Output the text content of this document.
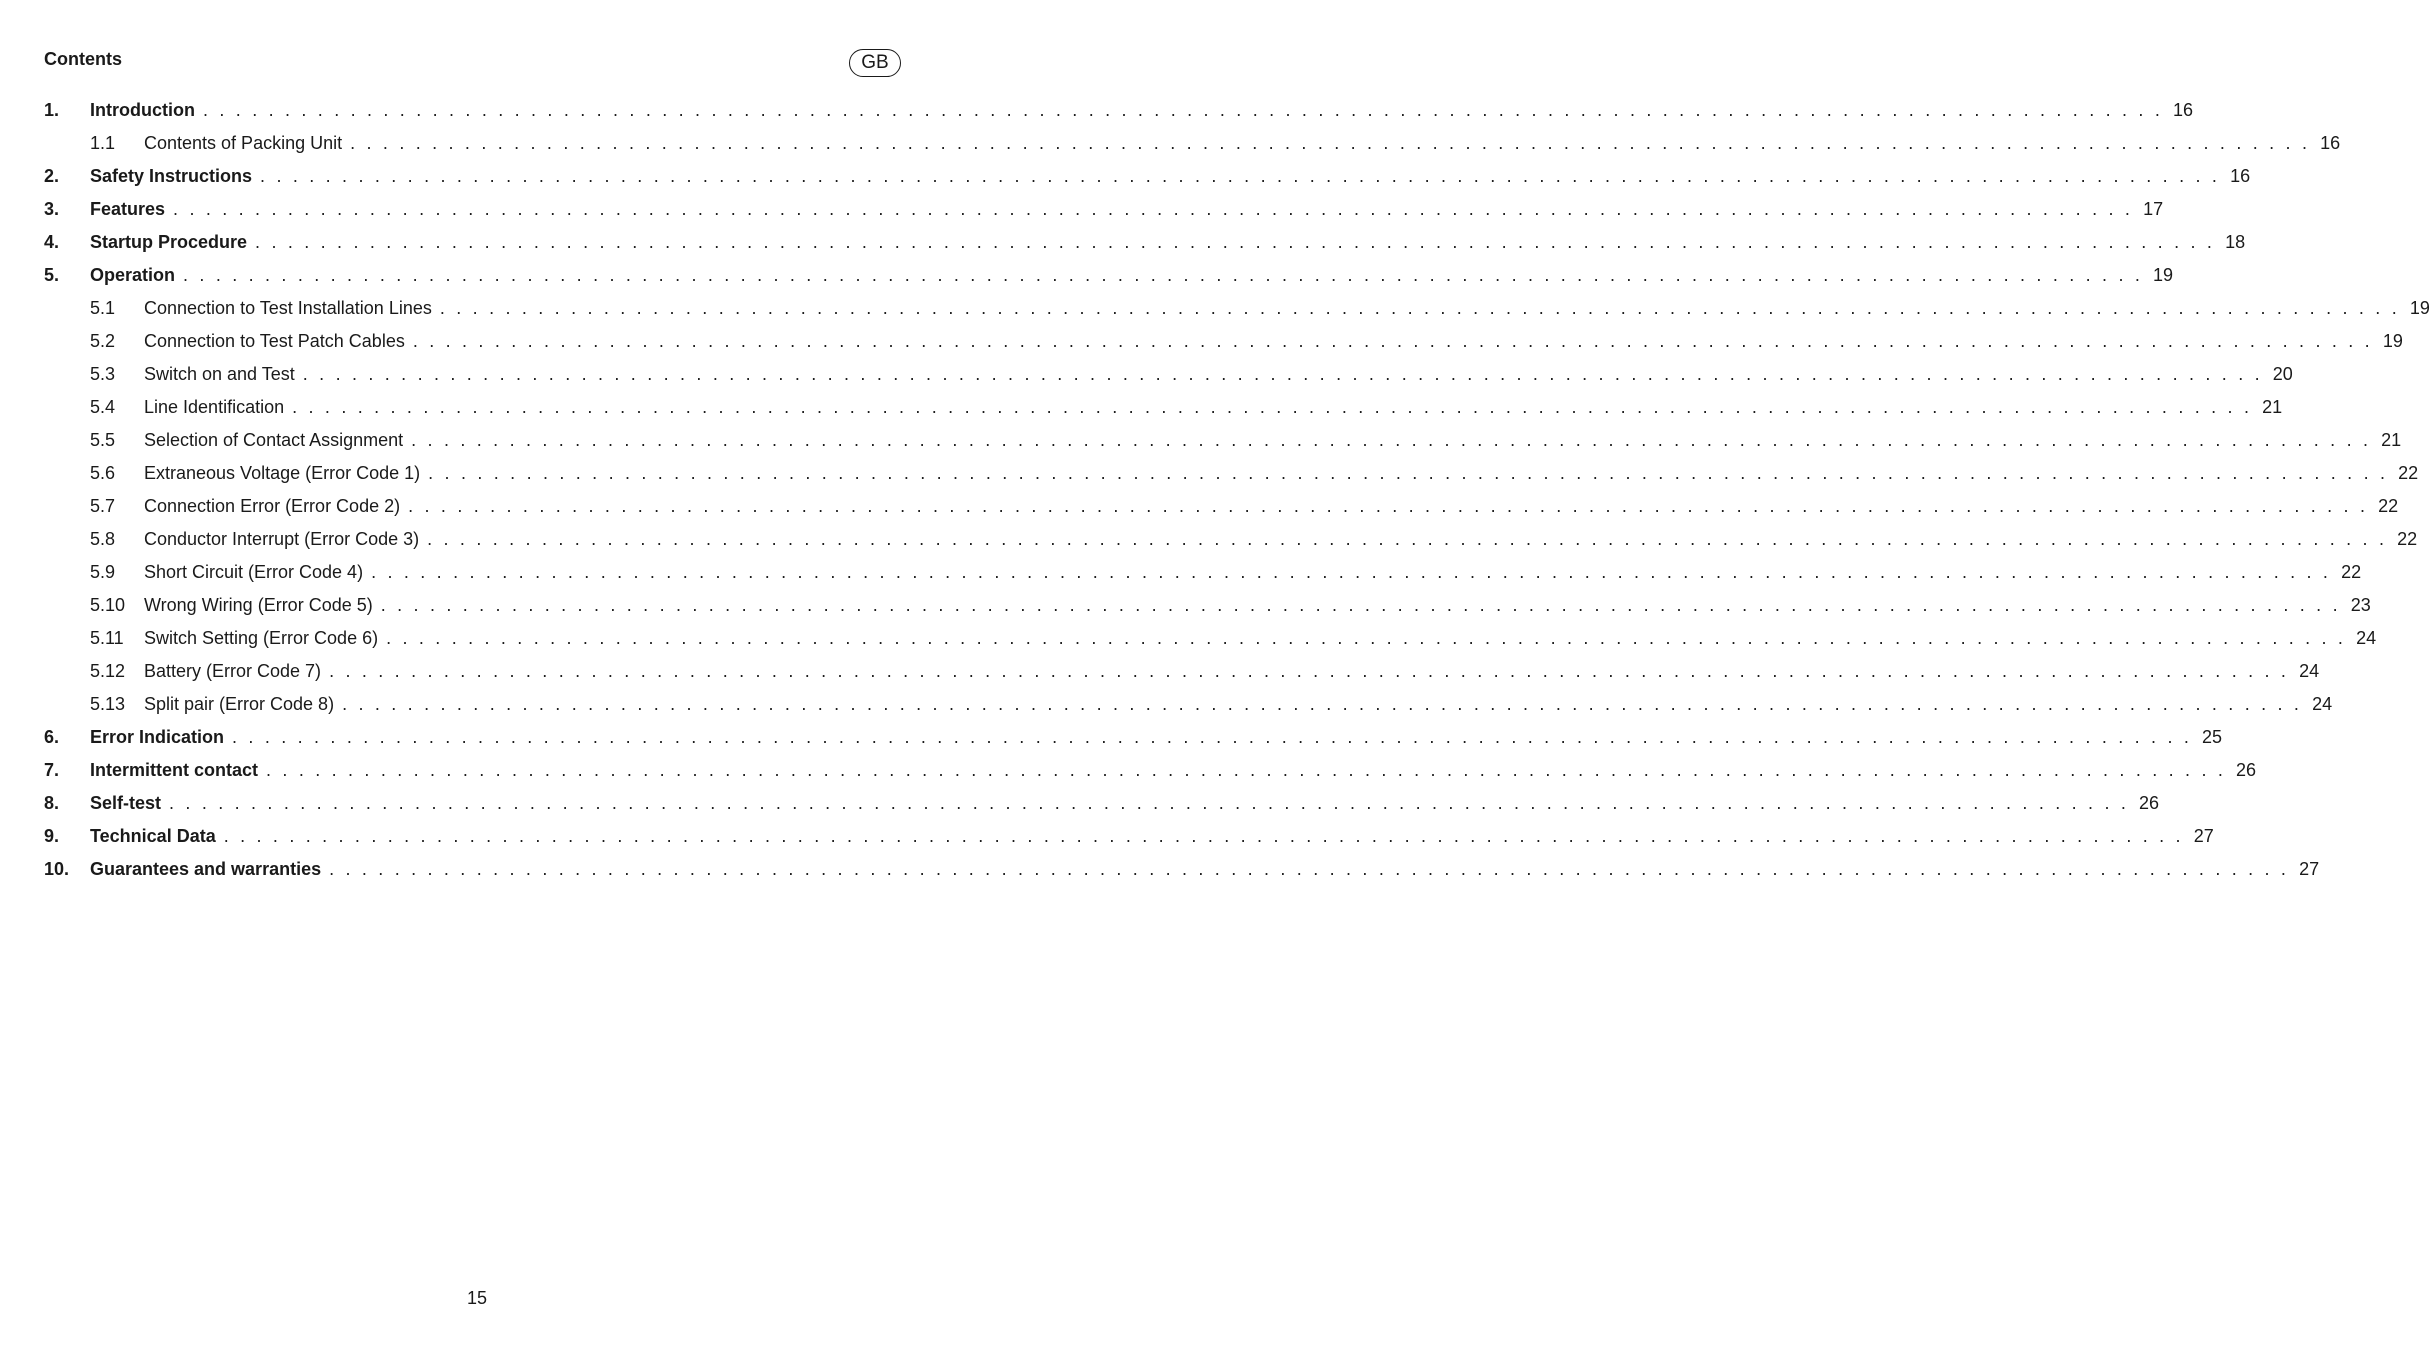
Contents	GB
1.	Introduction . . . . . . . . . . . . . . . . . . . . . . . . . . . . . . . . . . . . . . . . . . . . . . . . . . . . . . . . . . . . . . . . . . . . . . . . . . . . . . . . . . . . . . . . . . . . . . . . . . . . . . . . . . . . . . . . . . . . . . . . 16
1.1	Contents of Packing Unit . . . . . . . . . . . . . . . . . . . . . . . . . . . . . . . . . . . . . . . . . . . . . . . . . . . . . . . . . . . . . . . . . . . . . . . . . . . . . . . . . . . . . . . . . . . . . . . . . . . . . . . . . . . . . . . . . . . . . . . . 16
2.	Safety Instructions . . . . . . . . . . . . . . . . . . . . . . . . . . . . . . . . . . . . . . . . . . . . . . . . . . . . . . . . . . . . . . . . . . . . . . . . . . . . . . . . . . . . . . . . . . . . . . . . . . . . . . . . . . . . . . . . . . . . . . . . 16
3.	Features . . . . . . . . . . . . . . . . . . . . . . . . . . . . . . . . . . . . . . . . . . . . . . . . . . . . . . . . . . . . . . . . . . . . . . . . . . . . . . . . . . . . . . . . . . . . . . . . . . . . . . . . . . . . . . . . . . . . . . . . 17
4.	Startup Procedure . . . . . . . . . . . . . . . . . . . . . . . . . . . . . . . . . . . . . . . . . . . . . . . . . . . . . . . . . . . . . . . . . . . . . . . . . . . . . . . . . . . . . . . . . . . . . . . . . . . . . . . . . . . . . . . . . . . . . . . . 18
5.	Operation . . . . . . . . . . . . . . . . . . . . . . . . . . . . . . . . . . . . . . . . . . . . . . . . . . . . . . . . . . . . . . . . . . . . . . . . . . . . . . . . . . . . . . . . . . . . . . . . . . . . . . . . . . . . . . . . . . . . . . . . 19
5.1	Connection to Test Installation Lines . . . . . . . . . . . . . . . . . . . . . . . . . . . . . . . . . . . . . . . . . . . . . . . . . . . . . . . . . . . . . . . . . . . . . . . . . . . . . . . . . . . . . . . . . . . . . . . . . . . . . . . . . . . . . . . . . . . . . . . . 19
5.2	Connection to Test Patch Cables . . . . . . . . . . . . . . . . . . . . . . . . . . . . . . . . . . . . . . . . . . . . . . . . . . . . . . . . . . . . . . . . . . . . . . . . . . . . . . . . . . . . . . . . . . . . . . . . . . . . . . . . . . . . . . . . . . . . . . . . 19
5.3	Switch on and Test . . . . . . . . . . . . . . . . . . . . . . . . . . . . . . . . . . . . . . . . . . . . . . . . . . . . . . . . . . . . . . . . . . . . . . . . . . . . . . . . . . . . . . . . . . . . . . . . . . . . . . . . . . . . . . . . . . . . . . . . 20
5.4	Line Identification . . . . . . . . . . . . . . . . . . . . . . . . . . . . . . . . . . . . . . . . . . . . . . . . . . . . . . . . . . . . . . . . . . . . . . . . . . . . . . . . . . . . . . . . . . . . . . . . . . . . . . . . . . . . . . . . . . . . . . . . 21
5.5	Selection of Contact Assignment . . . . . . . . . . . . . . . . . . . . . . . . . . . . . . . . . . . . . . . . . . . . . . . . . . . . . . . . . . . . . . . . . . . . . . . . . . . . . . . . . . . . . . . . . . . . . . . . . . . . . . . . . . . . . . . . . . . . . . . . 21
5.6	Extraneous Voltage (Error Code 1) . . . . . . . . . . . . . . . . . . . . . . . . . . . . . . . . . . . . . . . . . . . . . . . . . . . . . . . . . . . . . . . . . . . . . . . . . . . . . . . . . . . . . . . . . . . . . . . . . . . . . . . . . . . . . . . . . . . . . . . . 22
5.7	Connection Error (Error Code 2) . . . . . . . . . . . . . . . . . . . . . . . . . . . . . . . . . . . . . . . . . . . . . . . . . . . . . . . . . . . . . . . . . . . . . . . . . . . . . . . . . . . . . . . . . . . . . . . . . . . . . . . . . . . . . . . . . . . . . . . . 22
5.8	Conductor Interrupt (Error Code 3) . . . . . . . . . . . . . . . . . . . . . . . . . . . . . . . . . . . . . . . . . . . . . . . . . . . . . . . . . . . . . . . . . . . . . . . . . . . . . . . . . . . . . . . . . . . . . . . . . . . . . . . . . . . . . . . . . . . . . . . . 22
5.9	Short Circuit (Error Code 4) . . . . . . . . . . . . . . . . . . . . . . . . . . . . . . . . . . . . . . . . . . . . . . . . . . . . . . . . . . . . . . . . . . . . . . . . . . . . . . . . . . . . . . . . . . . . . . . . . . . . . . . . . . . . . . . . . . . . . . . . 22
5.10	Wrong Wiring (Error Code 5) . . . . . . . . . . . . . . . . . . . . . . . . . . . . . . . . . . . . . . . . . . . . . . . . . . . . . . . . . . . . . . . . . . . . . . . . . . . . . . . . . . . . . . . . . . . . . . . . . . . . . . . . . . . . . . . . . . . . . . . . 23
5.11	Switch Setting (Error Code 6) . . . . . . . . . . . . . . . . . . . . . . . . . . . . . . . . . . . . . . . . . . . . . . . . . . . . . . . . . . . . . . . . . . . . . . . . . . . . . . . . . . . . . . . . . . . . . . . . . . . . . . . . . . . . . . . . . . . . . . . . 24
5.12	Battery (Error Code 7) . . . . . . . . . . . . . . . . . . . . . . . . . . . . . . . . . . . . . . . . . . . . . . . . . . . . . . . . . . . . . . . . . . . . . . . . . . . . . . . . . . . . . . . . . . . . . . . . . . . . . . . . . . . . . . . . . . . . . . . . 24
5.13	Split pair (Error Code 8) . . . . . . . . . . . . . . . . . . . . . . . . . . . . . . . . . . . . . . . . . . . . . . . . . . . . . . . . . . . . . . . . . . . . . . . . . . . . . . . . . . . . . . . . . . . . . . . . . . . . . . . . . . . . . . . . . . . . . . . . 24
6.	Error Indication . . . . . . . . . . . . . . . . . . . . . . . . . . . . . . . . . . . . . . . . . . . . . . . . . . . . . . . . . . . . . . . . . . . . . . . . . . . . . . . . . . . . . . . . . . . . . . . . . . . . . . . . . . . . . . . . . . . . . . . . 25
7.	Intermittent contact . . . . . . . . . . . . . . . . . . . . . . . . . . . . . . . . . . . . . . . . . . . . . . . . . . . . . . . . . . . . . . . . . . . . . . . . . . . . . . . . . . . . . . . . . . . . . . . . . . . . . . . . . . . . . . . . . . . . . . . . 26
8.	Self-test . . . . . . . . . . . . . . . . . . . . . . . . . . . . . . . . . . . . . . . . . . . . . . . . . . . . . . . . . . . . . . . . . . . . . . . . . . . . . . . . . . . . . . . . . . . . . . . . . . . . . . . . . . . . . . . . . . . . . . . . 26
9.	Technical Data . . . . . . . . . . . . . . . . . . . . . . . . . . . . . . . . . . . . . . . . . . . . . . . . . . . . . . . . . . . . . . . . . . . . . . . . . . . . . . . . . . . . . . . . . . . . . . . . . . . . . . . . . . . . . . . . . . . . . . . . 27
10.	Guarantees and warranties . . . . . . . . . . . . . . . . . . . . . . . . . . . . . . . . . . . . . . . . . . . . . . . . . . . . . . . . . . . . . . . . . . . . . . . . . . . . . . . . . . . . . . . . . . . . . . . . . . . . . . . . . . . . . . . . . . . . . . . . 27
15
